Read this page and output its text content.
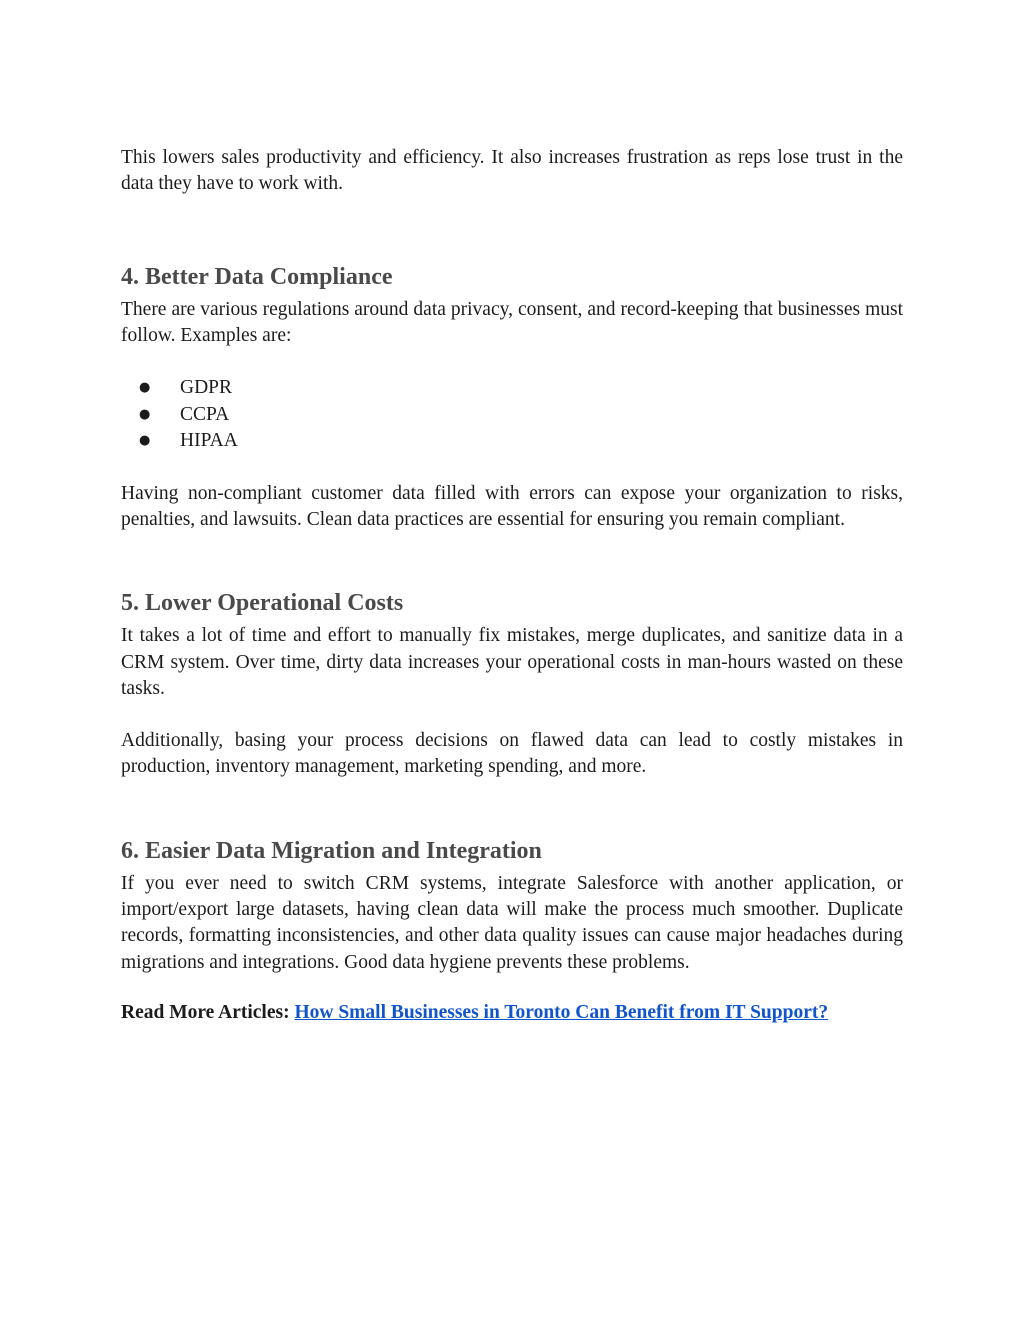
This lowers sales productivity and efficiency. It also increases frustration as reps lose trust in the data they have to work with.

4. Better Data Compliance

There are various regulations around data privacy, consent, and record-keeping that businesses must follow. Examples are:

● GDPR
● CCPA
● HIPAA

Having non-compliant customer data filled with errors can expose your organization to risks, penalties, and lawsuits. Clean data practices are essential for ensuring you remain compliant.

5. Lower Operational Costs

It takes a lot of time and effort to manually fix mistakes, merge duplicates, and sanitize data in a CRM system. Over time, dirty data increases your operational costs in man-hours wasted on these tasks.

Additionally, basing your process decisions on flawed data can lead to costly mistakes in production, inventory management, marketing spending, and more.

6. Easier Data Migration and Integration

If you ever need to switch CRM systems, integrate Salesforce with another application, or import/export large datasets, having clean data will make the process much smoother. Duplicate records, formatting inconsistencies, and other data quality issues can cause major headaches during migrations and integrations. Good data hygiene prevents these problems.

Read More Articles: How Small Businesses in Toronto Can Benefit from IT Support?
